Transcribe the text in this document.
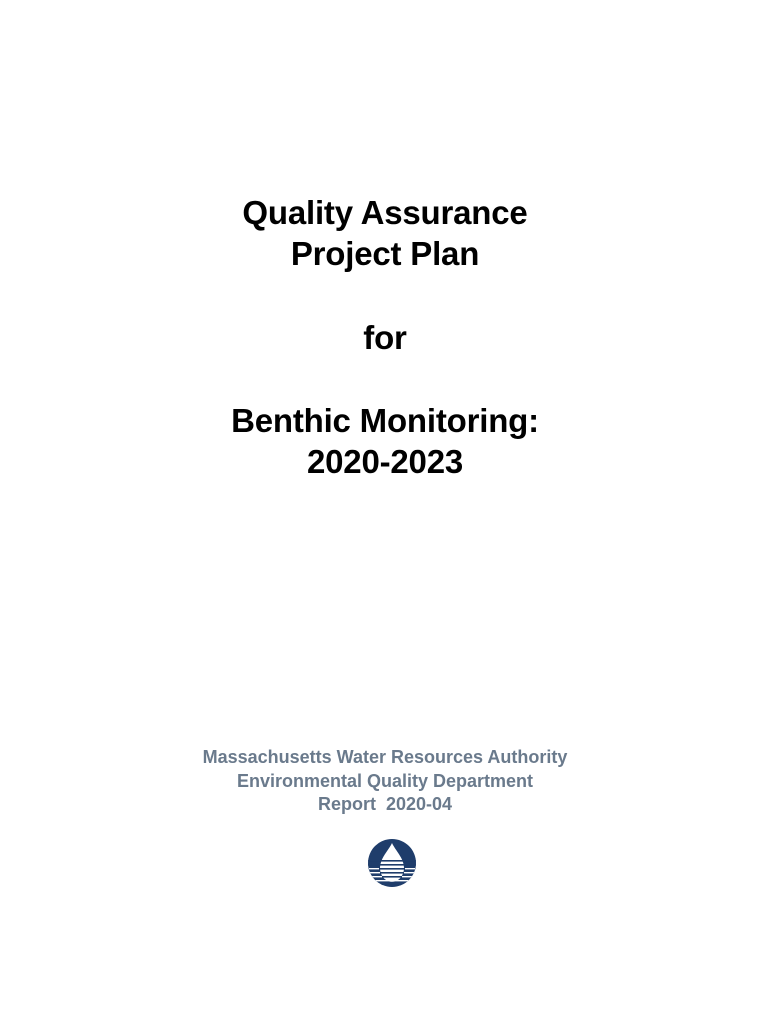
Quality Assurance
Project Plan
for
Benthic Monitoring:
2020-2023
Massachusetts Water Resources Authority
Environmental Quality Department
Report  2020-04
